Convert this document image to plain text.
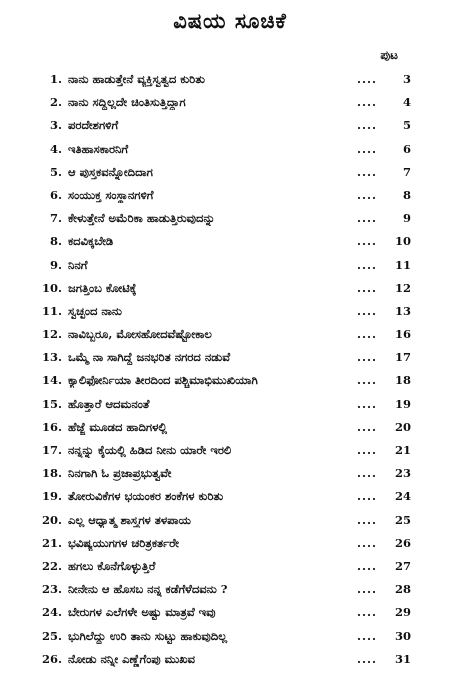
ವಿಷಯ ಸೂಚಿಕೆ
ಪುಟ
1. ನಾನು ಹಾಡುತ್ತೇನೆ ವ್ಯಕ್ತಿಸ್ವತ್ವದ ಕುರಿತು	....	3
2. ನಾನು ಸದ್ದಿಲ್ಲದೇ ಚಿಂತಿಸುತ್ತಿದ್ದಾಗ	....	4
3. ಪರದೇಶಗಳಿಗೆ	....	5
4. ಇತಿಹಾಸಕಾರನಿಗೆ	....	6
5. ಆ ಪುಸ್ತಕವನ್ನೋದಿದಾಗ	....	7
6. ಸಂಯುಕ್ತ ಸಂಸ್ಥಾನಗಳಿಗೆ	....	8
7. ಕೇಳುತ್ತೇನೆ ಅಮೆರಿಕಾ ಹಾಡುತ್ತಿರುವುದನ್ನು	....	9
8. ಕದವಿಕ್ಕಬೇಡಿ	....	10
9. ನಿನಗೆ	....	11
10. ಜಗತ್ತಿಂಬ ಕೋಟಿಕ್ಕೆ	....	12
11. ಸ್ವಚ್ಛಂದ ನಾನು	....	13
12. ನಾವಿಬ್ಬರೂ, ಮೋಸಹೋದವೆಷ್ಟೋಕಾಲ	....	16
13. ಒಮ್ಮೆ ನಾ ಸಾಗಿದ್ದೆ ಜನಭರಿತ ನಗರದ ನಡುವೆ	....	17
14. ಕ್ಯಾಲಿಫೋರ್ನಿಯಾ ತೀರದಿಂದ ಪಶ್ಚಿಮಾಭಿಮುಖಿಯಾಗಿ	....	18
15. ಹೊತ್ತಾರೆ ಆದಮನಂತೆ	....	19
16. ಹೆಜ್ಜೆ ಮೂಡದ ಹಾದಿಗಳಲ್ಲಿ	....	20
17. ನನ್ನನ್ನು ಕೈಯಲ್ಲಿ ಹಿಡಿದ ನೀನು ಯಾರೇ ಇರಲಿ	....	21
18. ನಿನಗಾಗಿ ಓ ಪ್ರಜಾಪ್ರಭುತ್ವವೇ	....	23
19. ತೋರುವಿಕೆಗಳ ಭಯಂಕರ ಶಂಕೆಗಳ ಕುರಿತು	....	24
20. ಎಲ್ಲ ಆಧ್ಯಾತ್ಮ ಶಾಸ್ತ್ರಗಳ ತಳಪಾಯ	....	25
21. ಭವಿಷ್ಯಯುಗಗಳ ಚರಿತ್ರಕರ್ತರೇ	....	26
22. ಹಗಲು ಕೊನೆಗೊಳ್ಳುತ್ತಿರೆ	....	27
23. ನೀನೇನು ಆ ಹೊಸಬ ನನ್ನ ಕಡೆಗೆಳೆದವನು ?	....	28
24. ಬೇರುಗಳ ಎಲೆಗಳೇ ಅಷ್ಟು ಮಾತ್ರವೆ ಇವು	....	29
25. ಭುಗಿಲೆದ್ದು ಉರಿ ತಾನು ಸುಟ್ಟು ಹಾಕುವುದಿಲ್ಲ	....	30
26. ನೋಡು ನನ್ನೀ ಎಣ್ಣೆಗೆಂಪು ಮುಖವ	....	31
